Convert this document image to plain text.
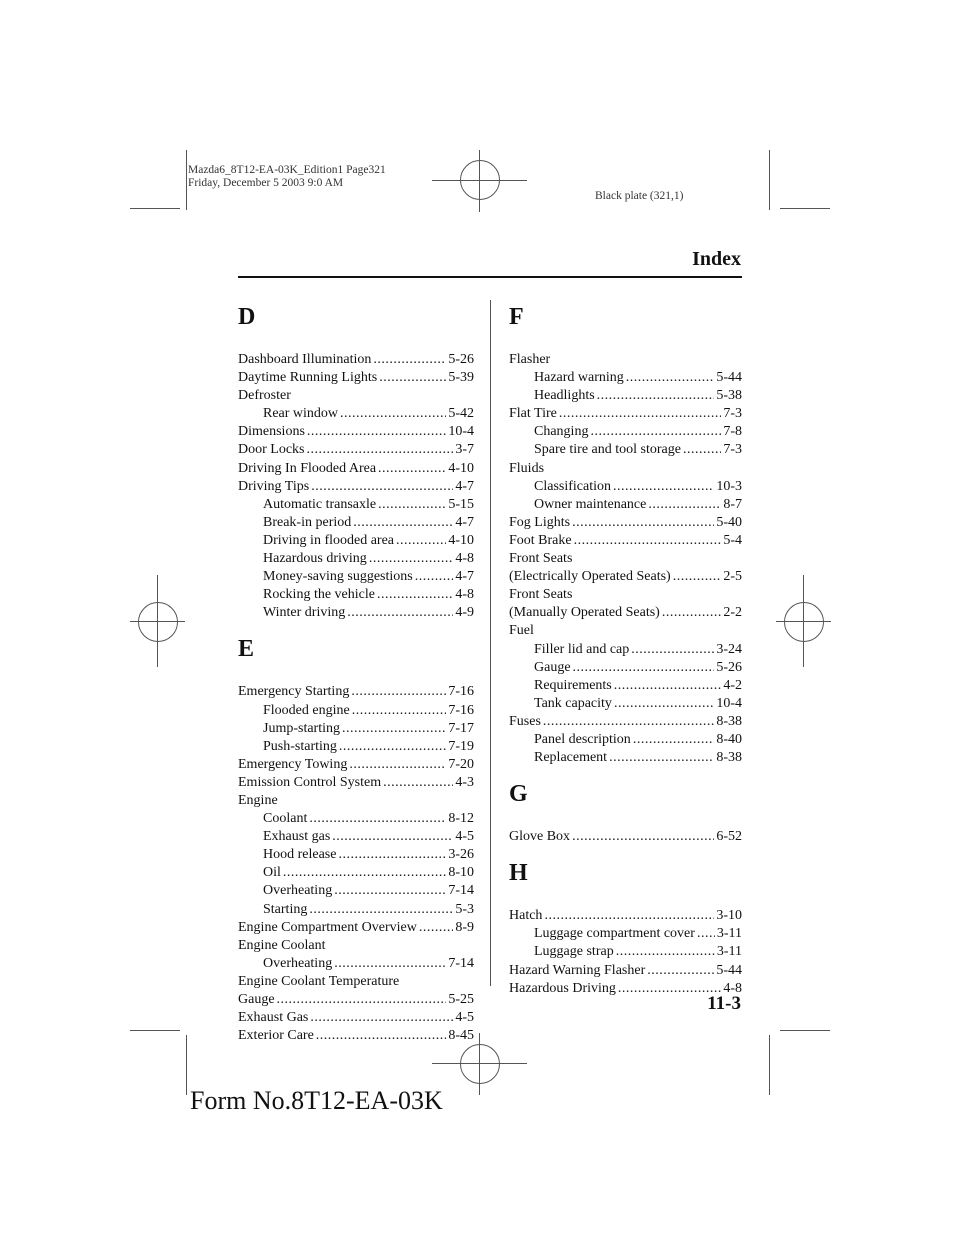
Mazda6_8T12-EA-03K_Edition1 Page321
Friday, December 5 2003 9:0 AM
Black plate (321,1)
Index
D
Dashboard Illumination .....	5-26
Daytime Running Lights .....	5-39
Defroster
Rear window .....	5-42
Dimensions .....	10-4
Door Locks .....	3-7
Driving In Flooded Area .....	4-10
Driving Tips .....	4-7
Automatic transaxle .....	5-15
Break-in period .....	4-7
Driving in flooded area .....	4-10
Hazardous driving .....	4-8
Money-saving suggestions .....	4-7
Rocking the vehicle .....	4-8
Winter driving .....	4-9
E
Emergency Starting .....	7-16
Flooded engine .....	7-16
Jump-starting .....	7-17
Push-starting .....	7-19
Emergency Towing .....	7-20
Emission Control System .....	4-3
Engine
Coolant .....	8-12
Exhaust gas .....	4-5
Hood release .....	3-26
Oil .....	8-10
Overheating .....	7-14
Starting .....	5-3
Engine Compartment Overview .....	8-9
Engine Coolant
Overheating .....	7-14
Engine Coolant Temperature
Gauge .....	5-25
Exhaust Gas .....	4-5
Exterior Care .....	8-45
F
Flasher
Hazard warning .....	5-44
Headlights .....	5-38
Flat Tire .....	7-3
Changing .....	7-8
Spare tire and tool storage .....	7-3
Fluids
Classification .....	10-3
Owner maintenance .....	8-7
Fog Lights .....	5-40
Foot Brake .....	5-4
Front Seats
(Electrically Operated Seats) .....	2-5
Front Seats
(Manually Operated Seats) .....	2-2
Fuel
Filler lid and cap .....	3-24
Gauge .....	5-26
Requirements .....	4-2
Tank capacity .....	10-4
Fuses .....	8-38
Panel description .....	8-40
Replacement .....	8-38
G
Glove Box .....	6-52
H
Hatch .....	3-10
Luggage compartment cover ..... 3-11
Luggage strap .....	3-11
Hazard Warning Flasher .....	5-44
Hazardous Driving .....	4-8
11-3
Form No.8T12-EA-03K
